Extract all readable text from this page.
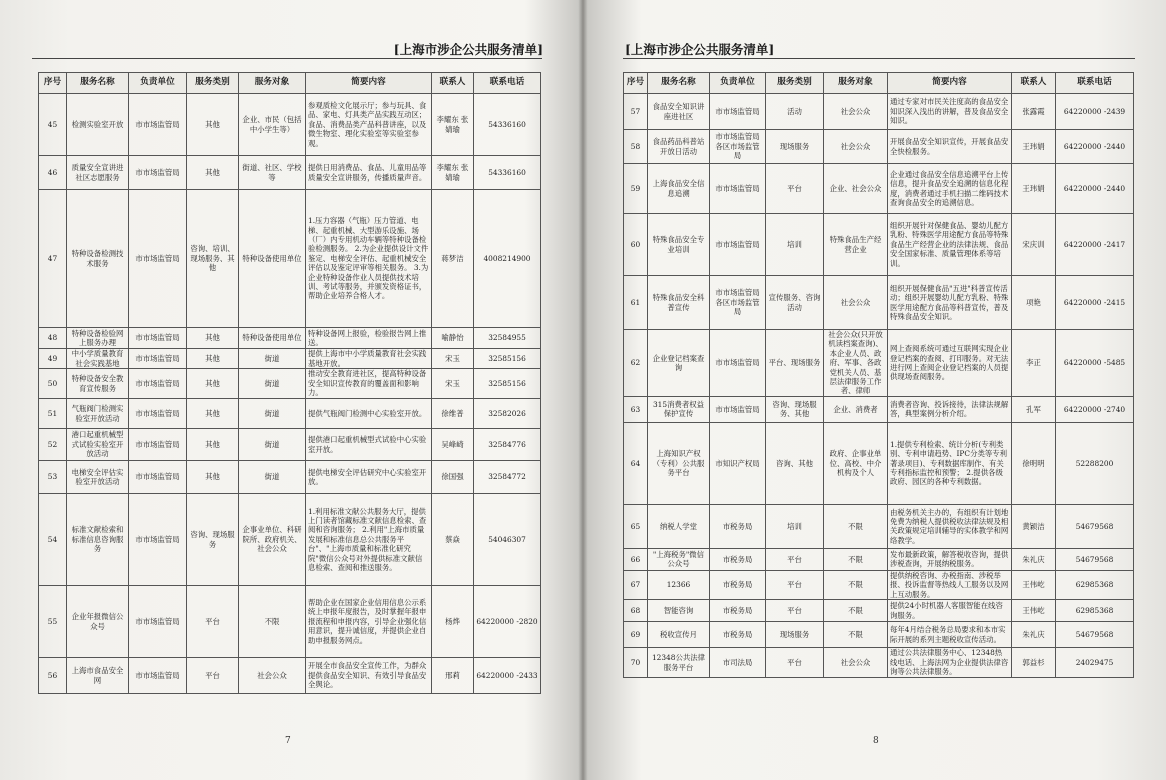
[上海市涉企公共服务清单]
序号	服务名称	负责单位	服务类别	服务对象	简要内容	联系人	联系电话
45	检测实验室开放	市市场监管局	其他	企业、市民（包括中小学生等）	参观质检文化展示厅；参与玩具、食品、家电、灯具类产品实践互动区；食品、消费品类产品科普讲座，以及微生物室、理化实验室等实验室参观。	李耀东 张婧瑜	54336160
46	质量安全宣讲进社区志愿服务	市市场监管局	其他	街道、社区、学校等	提供日用消费品、食品、儿童用品等质量安全宣讲服务，传播质量声音。	李耀东 张婧瑜	54336160
47	特种设备检测技术服务	市市场监管局	咨询、培训、现场服务、其他	特种设备使用单位	1.压力容器（气瓶）压力管道、电梯、起重机械、大型游乐设施、场（厂）内专用机动车辆等特种设备检验检测服务。 2.为企业提供设计文件鉴定、电梯安全评估、起重机械安全评估以及鉴定评审等相关服务。 3.为企业特种设备作业人员提供技术培训、考试等服务，并颁发资格证书，帮助企业培养合格人才。	蒋梦洁	4008214900
48	特种设备检验网上服务办理	市市场监管局	其他	特种设备使用单位	特种设备网上报验，检验报告网上推送。	喻静怡	32584955
49	中小学质量教育社会实践基地	市市场监管局	其他	街道	提供上海市中小学质量教育社会实践基地开放。	宋玉	32585156
50	特种设备安全教育宣传服务	市市场监管局	其他	街道	推动安全教育进社区，提高特种设备安全知识宣传教育的覆盖面和影响力。	宋玉	32585156
51	气瓶阀门检测实验室开放活动	市市场监管局	其他	街道	提供气瓶阀门检测中心实验室开放。	徐维普	32582026
52	港口起重机械型式试验实验室开放活动	市市场监管局	其他	街道	提供港口起重机械型式试验中心实验室开放。	吴峰崎	32584776
53	电梯安全评估实验室开放活动	市市场监管局	其他	街道	提供电梯安全评估研究中心实验室开放。	徐国强	32584772
54	标准文献检索和标准信息咨询服务	市市场监管局	咨询、现场服务	企事业单位、科研院所、政府机关、社会公众	1.利用标准文献公共服务大厅，提供上门读者馆藏标准文献信息检索、查阅和咨询服务； 2.利用"上海市质量发展和标准信息总公共服务平台"、"上海市质量和标准化研究院"微信公众号对外提供标准文献信息检索、查阅和推送服务。	蔡焱	54046307
55	企业年报微信公众号	市市场监管局	平台	不限	帮助企业在国家企业信用信息公示系统上申报年度报告，及时掌握年报申报流程和申报内容，引导企业强化信用意识，提升诚信度，并提供企业自助申报服务网点。	杨烨	64220000 -2820
56	上海市食品安全网	市市场监管局	平台	社会公众	开展全市食品安全宣传工作，为群众提供食品安全知识、有效引导食品安全舆论。	邢莉	64220000 -2433
7
[上海市涉企公共服务清单]
序号	服务名称	负责单位	服务类别	服务对象	简要内容	联系人	联系电话
57	食品安全知识讲座进社区	市市场监管局	活动	社会公众	通过专家对市民关注度高的食品安全知识深入浅出的讲解，普及食品安全知识。	张露霞	64220000 -2439
58	食品药品科普站开放日活动	市市场监管局 各区市场监管局	现场服务	社会公众	开展食品安全知识宣传，开展食品安全快检服务。	王玮娟	64220000 -2440
59	上海食品安全信息追溯	市市场监管局	平台	企业、社会公众	企业通过食品安全信息追溯平台上传信息，提升食品安全追溯的信息化程度，消费者通过手机扫描二维码技术查询食品安全的追溯信息。	王玮娟	64220000 -2440
60	特殊食品安全专业培训	市市场监管局	培训	特殊食品生产经营企业	组织开展针对保健食品、婴幼儿配方乳粉、特殊医学用途配方食品等特殊食品生产经营企业的法律法规、食品安全国家标准、质量管理体系等培训。	宋庆训	64220000 -2417
61	特殊食品安全科普宣传	市市场监管局 各区市场监管局	宣传服务、咨询活动	社会公众	组织开展保健食品"五进"科普宣传活动；组织开展婴幼儿配方乳粉、特殊医学用途配方食品等科普宣传，普及特殊食品安全知识。	项艳	64220000 -2415
62	企业登记档案查询	市市场监管局	平台、现场服务	社会公众(只开放机读档案查询)、本企业人员、政府、军事、各政党机关人员、基层法律服务工作者、律师	网上查阅系统可通过互联网实现企业登记档案的查阅、打印服务。对无法进行网上查阅企业登记档案的人员提供现场查阅服务。	李正	64220000 -5485
63	315消费者权益保护宣传	市市场监管局	咨询、现场服务、其他	企业、消费者	消费者咨询、投诉接待，法律法规解答，典型案例分析介绍。	孔军	64220000 -2740
64	上海知识产权（专利）公共服务平台	市知识产权局	咨询、其他	政府、企事业单位、高校、中介机构及个人	1.提供专利检索、统计分析(专利类别、专利申请趋势、IPC分类等专利著录项目)、专利数据库制作、有关专利指标监控和预警； 2.提供各级政府、园区的各种专利数据。	徐明明	52288200
65	纳税人学堂	市税务局	培训	不限	由税务机关主办的，有组织有计划地免费为纳税人提供税收法律法规及相关政策规定培训辅导的实体教学和网络教学。	黄颖洁	54679568
66	"上海税务"微信公众号	市税务局	平台	不限	发布最新政策，解答税收咨询，提供涉税查询，开展纳税服务。	朱礼庆	54679568
67	12366	市税务局	平台	不限	提供纳税咨询、办税指南、涉税举报、投诉监督等热线人工服务以及网上互动服务。	王伟屹	62985368
68	智能咨询	市税务局	平台	不限	提供24小时机器人客服智能在线咨询服务。	王伟屹	62985368
69	税收宣传月	市税务局	现场服务	不限	每年4月结合税务总局要求和本市实际开展的系列主题税收宣传活动。	朱礼庆	54679568
70	12348公共法律服务平台	市司法局	平台	社会公众	通过公共法律服务中心、12348热线电话、上海法网为企业提供法律咨询等公共法律服务。	郭益杉	24029475
8
